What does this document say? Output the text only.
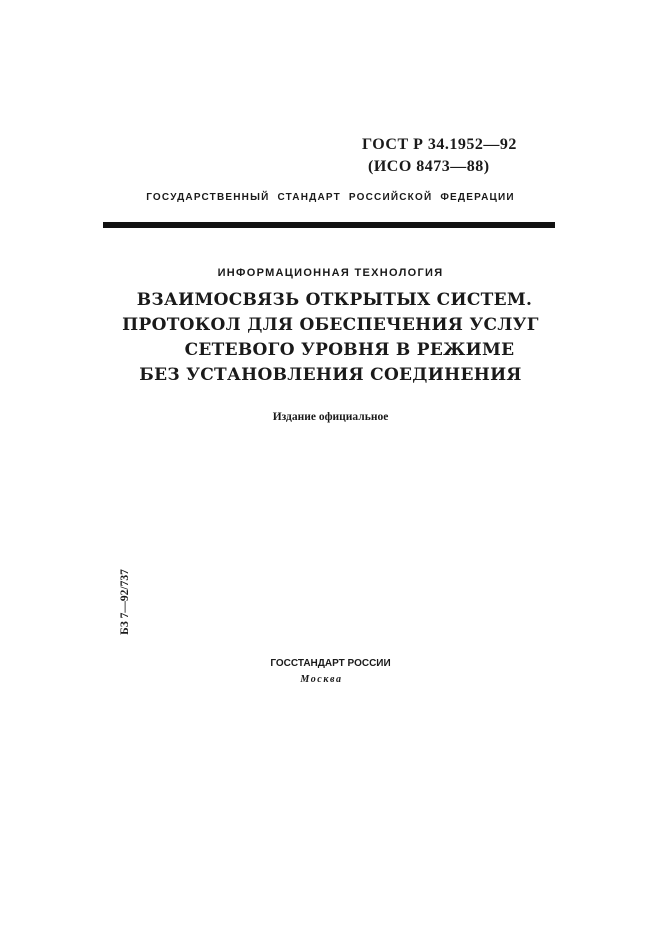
ГОСТ Р 34.1952—92
(ИСО 8473—88)
ГОСУДАРСТВЕННЫЙ СТАНДАРТ РОССИЙСКОЙ ФЕДЕРАЦИИ
ИНФОРМАЦИОННАЯ ТЕХНОЛОГИЯ
ВЗАИМОСВЯЗЬ ОТКРЫТЫХ СИСТЕМ.
ПРОТОКОЛ ДЛЯ ОБЕСПЕЧЕНИЯ УСЛУГ
СЕТЕВОГО УРОВНЯ В РЕЖИМЕ
БЕЗ УСТАНОВЛЕНИЯ СОЕДИНЕНИЯ
Издание официальное
БЗ 7—92/737
ГОССТАНДАРТ РОССИИ
Москва
